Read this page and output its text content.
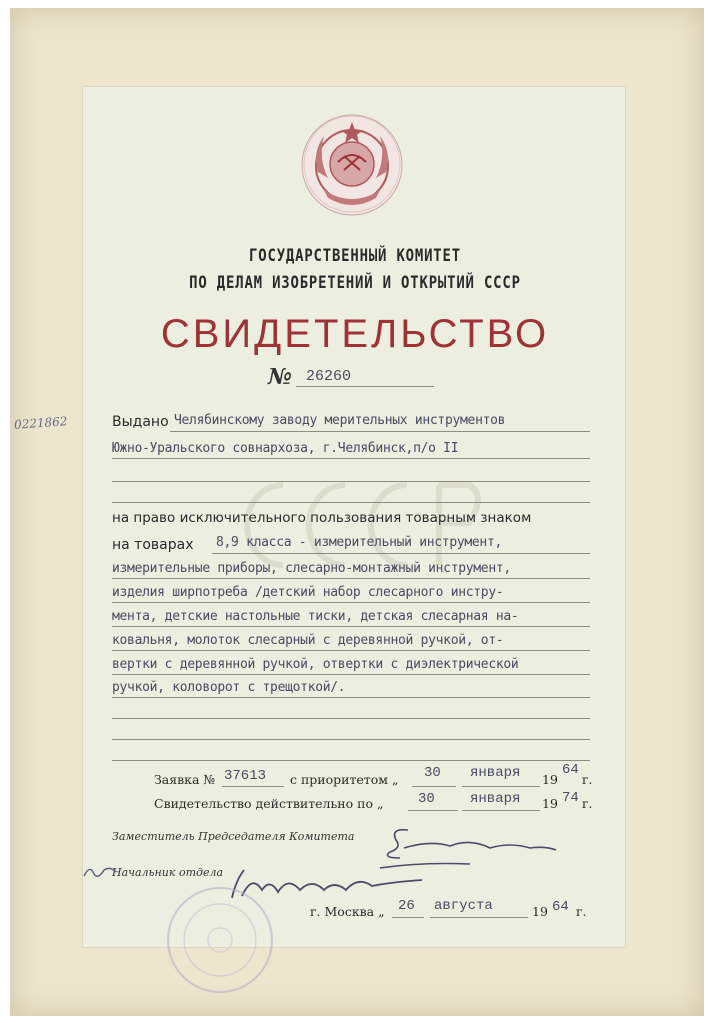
ГОСУДАРСТВЕННЫЙ КОМИТЕТ
ПО ДЕЛАМ ИЗОБРЕТЕНИЙ И ОТКРЫТИЙ СССР
СВИДЕТЕЛЬСТВО
№ 26260
0221862	Выдано Челябинскому заводу мерительных инструментов
Южно-Уральского совнархоза, г.Челябинск,п/о II
на право исключительного пользования товарным знаком
на товарах 8,9 класса - измерительный инструмент,
измерительные приборы, слесарно-монтажный инструмент,
изделия ширпотреба /детский набор слесарного инстру-
мента, детские настольные тиски, детская слесарная на-
ковальня, молоток слесарный с деревянной ручкой, от-
вертки с деревянной ручкой, отвертки с диэлектрической
ручкой, коловорот с трещоткой/.
Заявка № 37613 с приоритетом „ 30 января 19
64
г.
Свидетельство действительно по „ 30	января 19 74 г.
Заместитель Председателя Комитета
Начальник отдела
г. Москва „ 26 августа	19 64 г.
